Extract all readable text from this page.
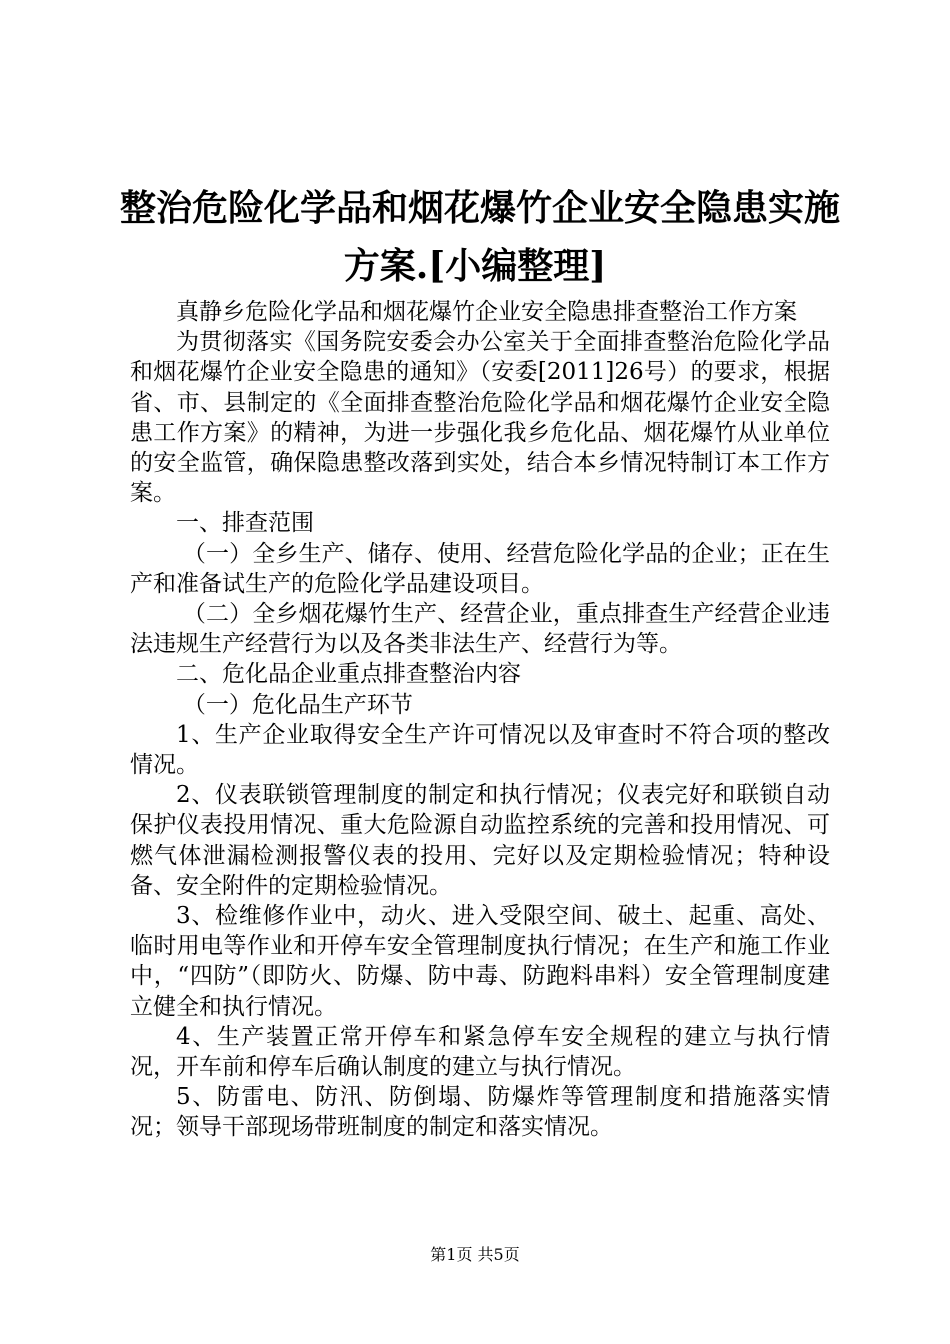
整治危险化学品和烟花爆竹企业安全隐患实施
方案.[小编整理]

真静乡危险化学品和烟花爆竹企业安全隐患排查整治工作方案

为贯彻落实《国务院安委会办公室关于全面排查整治危险化学品和烟花爆竹企业安全隐患的通知》（安委[2011]26号）的要求，根据省、市、县制定的《全面排查整治危险化学品和烟花爆竹企业安全隐患工作方案》的精神，为进一步强化我乡危化品、烟花爆竹从业单位的安全监管，确保隐患整改落到实处，结合本乡情况特制订本工作方案。

一、排查范围

（一）全乡生产、储存、使用、经营危险化学品的企业；正在生产和准备试生产的危险化学品建设项目。

（二）全乡烟花爆竹生产、经营企业，重点排查生产经营企业违法违规生产经营行为以及各类非法生产、经营行为等。

二、危化品企业重点排查整治内容

（一）危化品生产环节

1、生产企业取得安全生产许可情况以及审查时不符合项的整改情况。

2、仪表联锁管理制度的制定和执行情况；仪表完好和联锁自动保护仪表投用情况、重大危险源自动监控系统的完善和投用情况、可燃气体泄漏检测报警仪表的投用、完好以及定期检验情况；特种设备、安全附件的定期检验情况。

3、检维修作业中，动火、进入受限空间、破土、起重、高处、临时用电等作业和开停车安全管理制度执行情况；在生产和施工作业中，“四防”（即防火、防爆、防中毒、防跑料串料）安全管理制度建立健全和执行情况。

4、生产装置正常开停车和紧急停车安全规程的建立与执行情况，开车前和停车后确认制度的建立与执行情况。

5、防雷电、防汛、防倒塌、防爆炸等管理制度和措施落实情况；领导干部现场带班制度的制定和落实情况。

第1页 共5页
